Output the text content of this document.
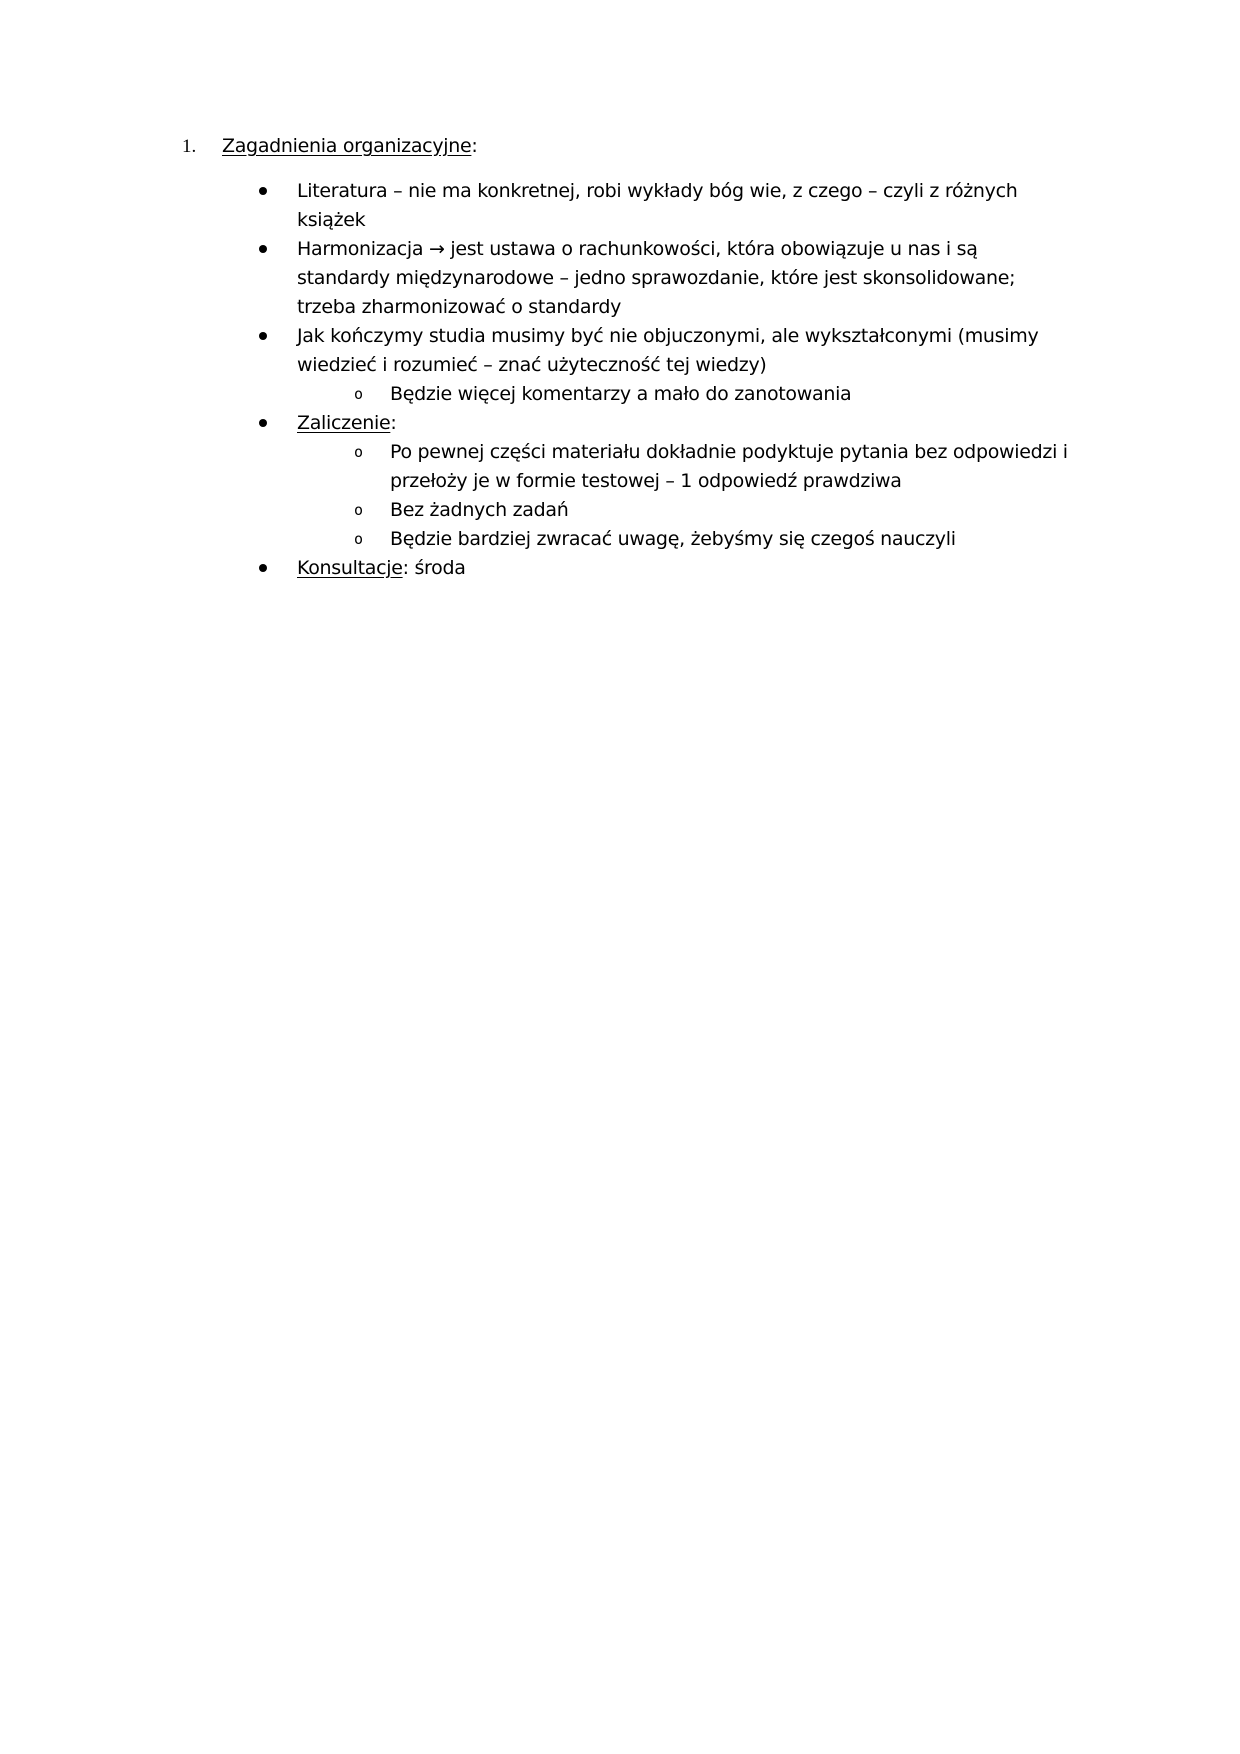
1. Zagadnienia organizacyjne:
Literatura – nie ma konkretnej, robi wykłady bóg wie, z czego – czyli z różnych
książek
Harmonizacja → jest ustawa o rachunkowości, która obowiązuje u nas i są
standardy międzynarodowe – jedno sprawozdanie, które jest skonsolidowane;
trzeba zharmonizować o standardy
Jak kończymy studia musimy być nie objuczonymi, ale wykształconymi (musimy
wiedzieć i rozumieć – znać użyteczność tej wiedzy)
o Będzie więcej komentarzy a mało do zanotowania
Zaliczenie:
o Po pewnej części materiału dokładnie podyktuje pytania bez odpowiedzi i
przełoży je w formie testowej – 1 odpowiedź prawdziwa
o Bez żadnych zadań
o Będzie bardziej zwracać uwagę, żebyśmy się czegoś nauczyli
Konsultacje: środa
